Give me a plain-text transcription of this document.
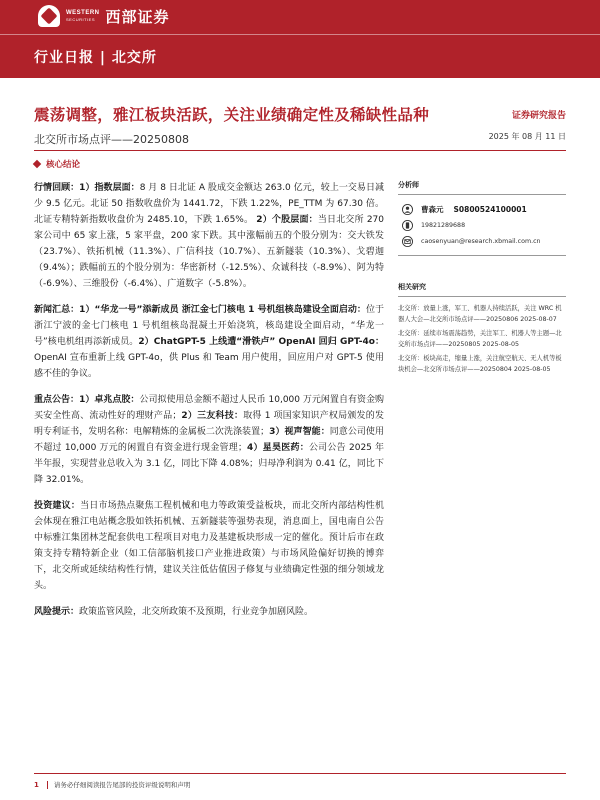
WESTERN
SECURITIES 西部证券
行业日报 | 北交所
震荡调整，雅江板块活跃，关注业绩确定性及稀缺性品种	证券研究报告
北交所市场点评——20250808	2025 年 08 月 11 日
核心结论

行情回顾：1）指数层面：8 月 8 日北证 A 股成交金额达 263.0 亿元，较上一交易日减少 9.5 亿元。北证 50 指数收盘价为 1441.72，下跌 1.22%，PE_TTM 为 67.30 倍。北证专精特新指数收盘价为 2485.10，下跌 1.65%。 2）个股层面：当日北交所 270 家公司中 65 家上涨，5 家平盘，200 家下跌。其中涨幅前五的个股分别为：交大铁发（23.7%）、铁拓机械（11.3%）、广信科技（10.7%）、五新隧装（10.3%）、戈碧迦（9.4%）；跌幅前五的个股分别为：华密新材（-12.5%）、众诚科技（-8.9%）、阿为特（-6.9%）、三维股份（-6.4%）、广道数字（-5.8%）。

新闻汇总：1）“华龙一号”添新成员 浙江金七门核电 1 号机组核岛建设全面启动：位于浙江宁波的金七门核电 1 号机组核岛混凝土开始浇筑，核岛建设全面启动，“华龙一号”核电机组再添新成员。2）ChatGPT-5 上线遭“滑铁卢” OpenAI 回归 GPT-4o：OpenAI 宣布重新上线 GPT-4o，供 Plus 和 Team 用户使用，回应用户对 GPT-5 使用感不佳的争议。

重点公告：1）卓兆点胶：公司拟使用总金额不超过人民币 10,000 万元闲置自有资金购买安全性高、流动性好的理财产品；2）三友科技：取得 1 项国家知识产权局颁发的发明专利证书，发明名称：电解精炼的金属板二次洗涤装置；3）视声智能：同意公司使用不超过 10,000 万元的闲置自有资金进行现金管理；4）星昊医药：公司公告 2025 年半年报，实现营业总收入为 3.1 亿，同比下降 4.08%；归母净利润为 0.41 亿，同比下降 32.01%。

投资建议：当日市场热点聚焦工程机械和电力等政策受益板块，而北交所内部结构性机会体现在雅江电站概念股如铁拓机械、五新隧装等强势表现，消息面上，国电南自公告中标雅江集团林芝配套供电工程项目对电力及基建板块形成一定的催化。预计后市在政策支持专精特新企业（如工信部脑机接口产业推进政策）与市场风险偏好切换的博弈下，北交所或延续结构性行情，建议关注低估值因子修复与业绩确定性强的细分领域龙头。

风险提示：政策监管风险，北交所政策不及预期，行业竞争加剧风险。

分析师
曹森元 S0800524100001
19821289688
caosenyuan@research.xbmail.com.cn
相关研究
北交所：放量上涨，军工、机器人持续活跃，关注 WRC 机器人大会—北交所市场点评——20250806 2025-08-07
北交所：延续市场震荡趋势，关注军工、机器人等主题—北交所市场点评——20250805 2025-08-05
北交所：板块高走，缩量上涨，关注航空航天、无人机等板块机会—北交所市场点评——20250804 2025-08-05
1 请务必仔细阅读报告尾部的投资评级说明和声明
